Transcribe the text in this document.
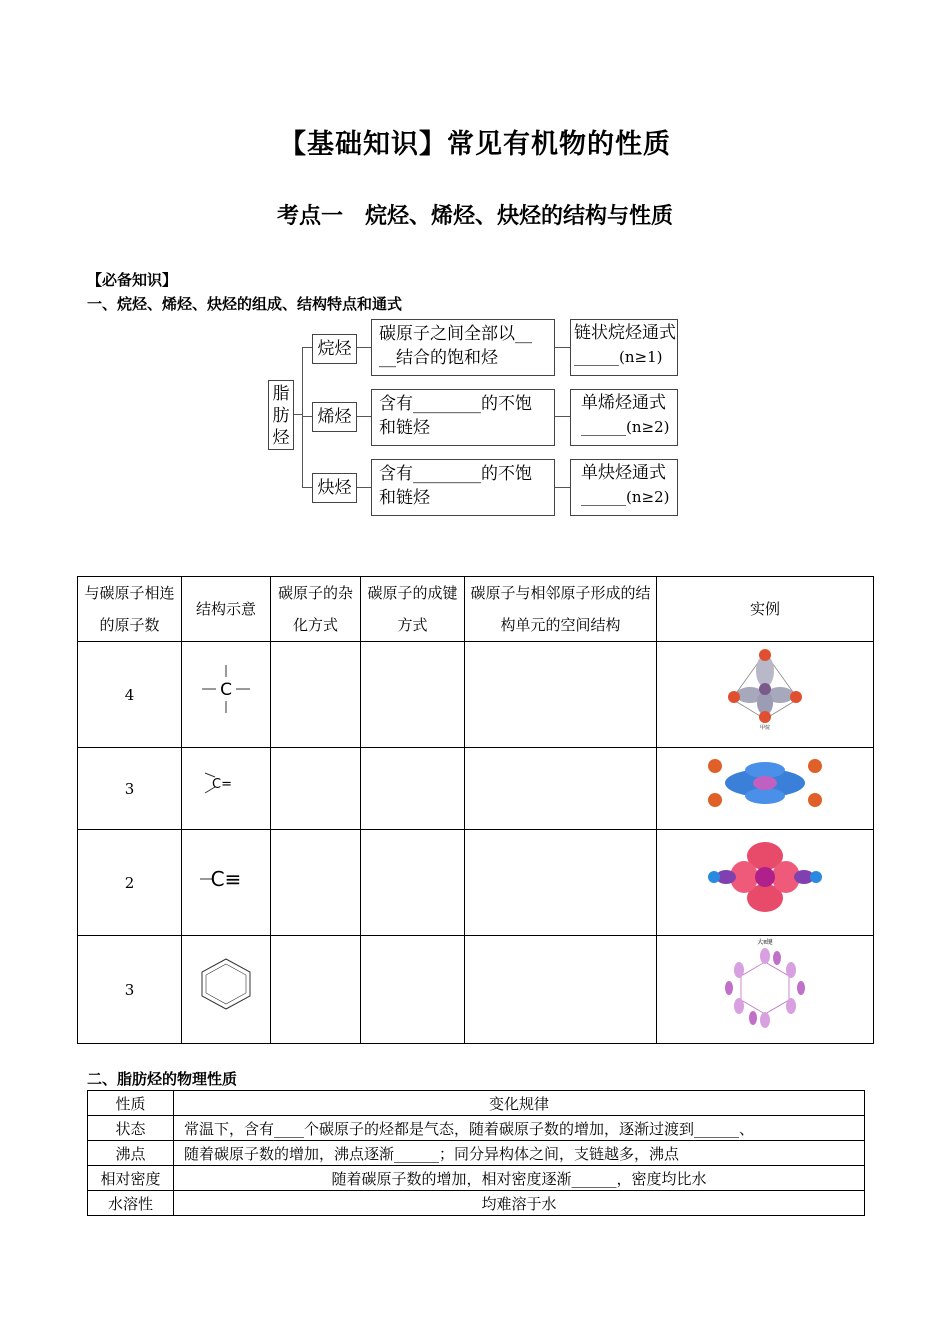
【基础知识】常见有机物的性质
考点一　烷烃、烯烃、炔烃的结构与性质
【必备知识】
一、烷烃、烯烃、炔烃的组成、结构特点和通式
脂
肪
烃
烷烃
碳原子之间全部以__
__结合的饱和烃
链状烷烃通式
______(n≥1)
烯烃
含有________的不饱
和链烃
单烯烃通式
______(n≥2)
炔烃
含有________的不饱
和链烃
单炔烃通式
______(n≥2)
与碳原子相连的原子数	结构示意	碳原子的杂化方式	碳原子的成键方式	碳原子与相邻原子形成的结构单元的空间结构	实例
4	C				甲烷

3	C=

2	C≡

3					大π键
二、脂肪烃的物理性质
性质	变化规律
状态	常温下，含有____个碳原子的烃都是气态，随着碳原子数的增加，逐渐过渡到______、
沸点	随着碳原子数的增加，沸点逐渐______；同分异构体之间，支链越多，沸点
相对密度	随着碳原子数的增加，相对密度逐渐______，密度均比水
水溶性	均难溶于水
